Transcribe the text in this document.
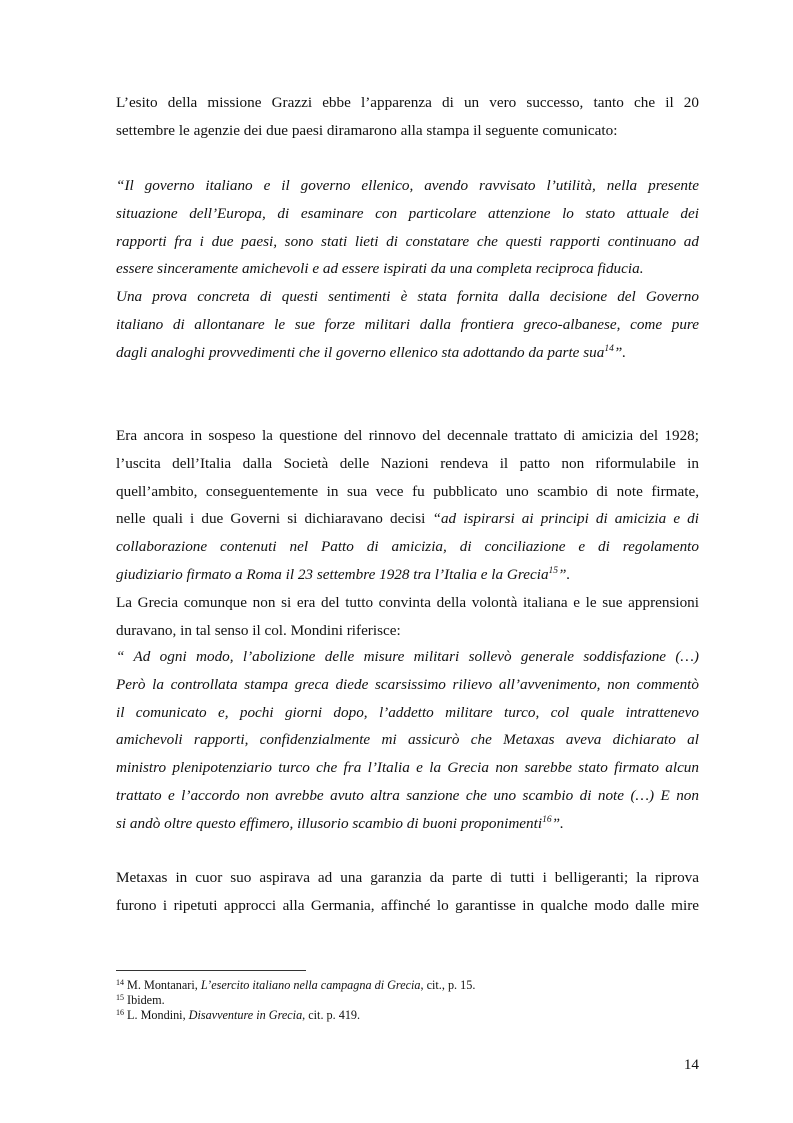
L’esito della missione Grazzi ebbe l’apparenza di un vero successo, tanto che il 20
settembre le agenzie dei due paesi diramarono alla stampa il seguente comunicato:

“Il governo italiano e il governo ellenico, avendo ravvisato l’utilità, nella presente
situazione dell’Europa, di esaminare con particolare attenzione lo stato attuale dei
rapporti fra i due paesi, sono stati lieti di constatare che questi rapporti continuano ad
essere sinceramente amichevoli e ad essere ispirati da una completa reciproca fiducia.
Una prova concreta di questi sentimenti è stata fornita dalla decisione del Governo
italiano di allontanare le sue forze militari dalla frontiera greco-albanese, come pure
dagli analoghi provvedimenti che il governo ellenico sta adottando da parte sua$^{14}$”.

Era ancora in sospeso la questione del rinnovo del decennale trattato di amicizia del 1928;
l’uscita dell’Italia dalla Società delle Nazioni rendeva il patto non riformulabile in
quell’ambito, conseguentemente in sua vece fu pubblicato uno scambio di note firmate,
nelle quali i due Governi si dichiaravano decisi “ad ispirarsi ai principi di amicizia e di
collaborazione contenuti nel Patto di amicizia, di conciliazione e di regolamento
giudiziario firmato a Roma il 23 settembre 1928 tra l’Italia e la Grecia$^{15}$”.
La Grecia comunque non si era del tutto convinta della volontà italiana e le sue apprensioni
duravano, in tal senso il col. Mondini riferisce:

“ Ad ogni modo, l’abolizione delle misure militari sollevò generale soddisfazione (…)
Però la controllata stampa greca diede scarsissimo rilievo all’avvenimento, non commentò
il comunicato e, pochi giorni dopo, l’addetto militare turco, col quale intrattenevo
amichevoli rapporti, confidenzialmente mi assicurò che Metaxas aveva dichiarato al
ministro plenipotenziario turco che fra l’Italia e la Grecia non sarebbe stato firmato alcun
trattato e l’accordo non avrebbe avuto altra sanzione che uno scambio di note (…) E non
si andò oltre questo effimero, illusorio scambio di buoni proponimenti$^{16}$”.

Metaxas in cuor suo aspirava ad una garanzia da parte di tutti i belligeranti; la riprova
furono i ripetuti approcci alla Germania, affinché lo garantisse in qualche modo dalle mire

$^{14}$ M. Montanari, L’esercito italiano nella campagna di Grecia, cit., p. 15.
$^{15}$ Ibidem.
$^{16}$ L. Mondini, Disavventure in Grecia, cit. p. 419.
14
